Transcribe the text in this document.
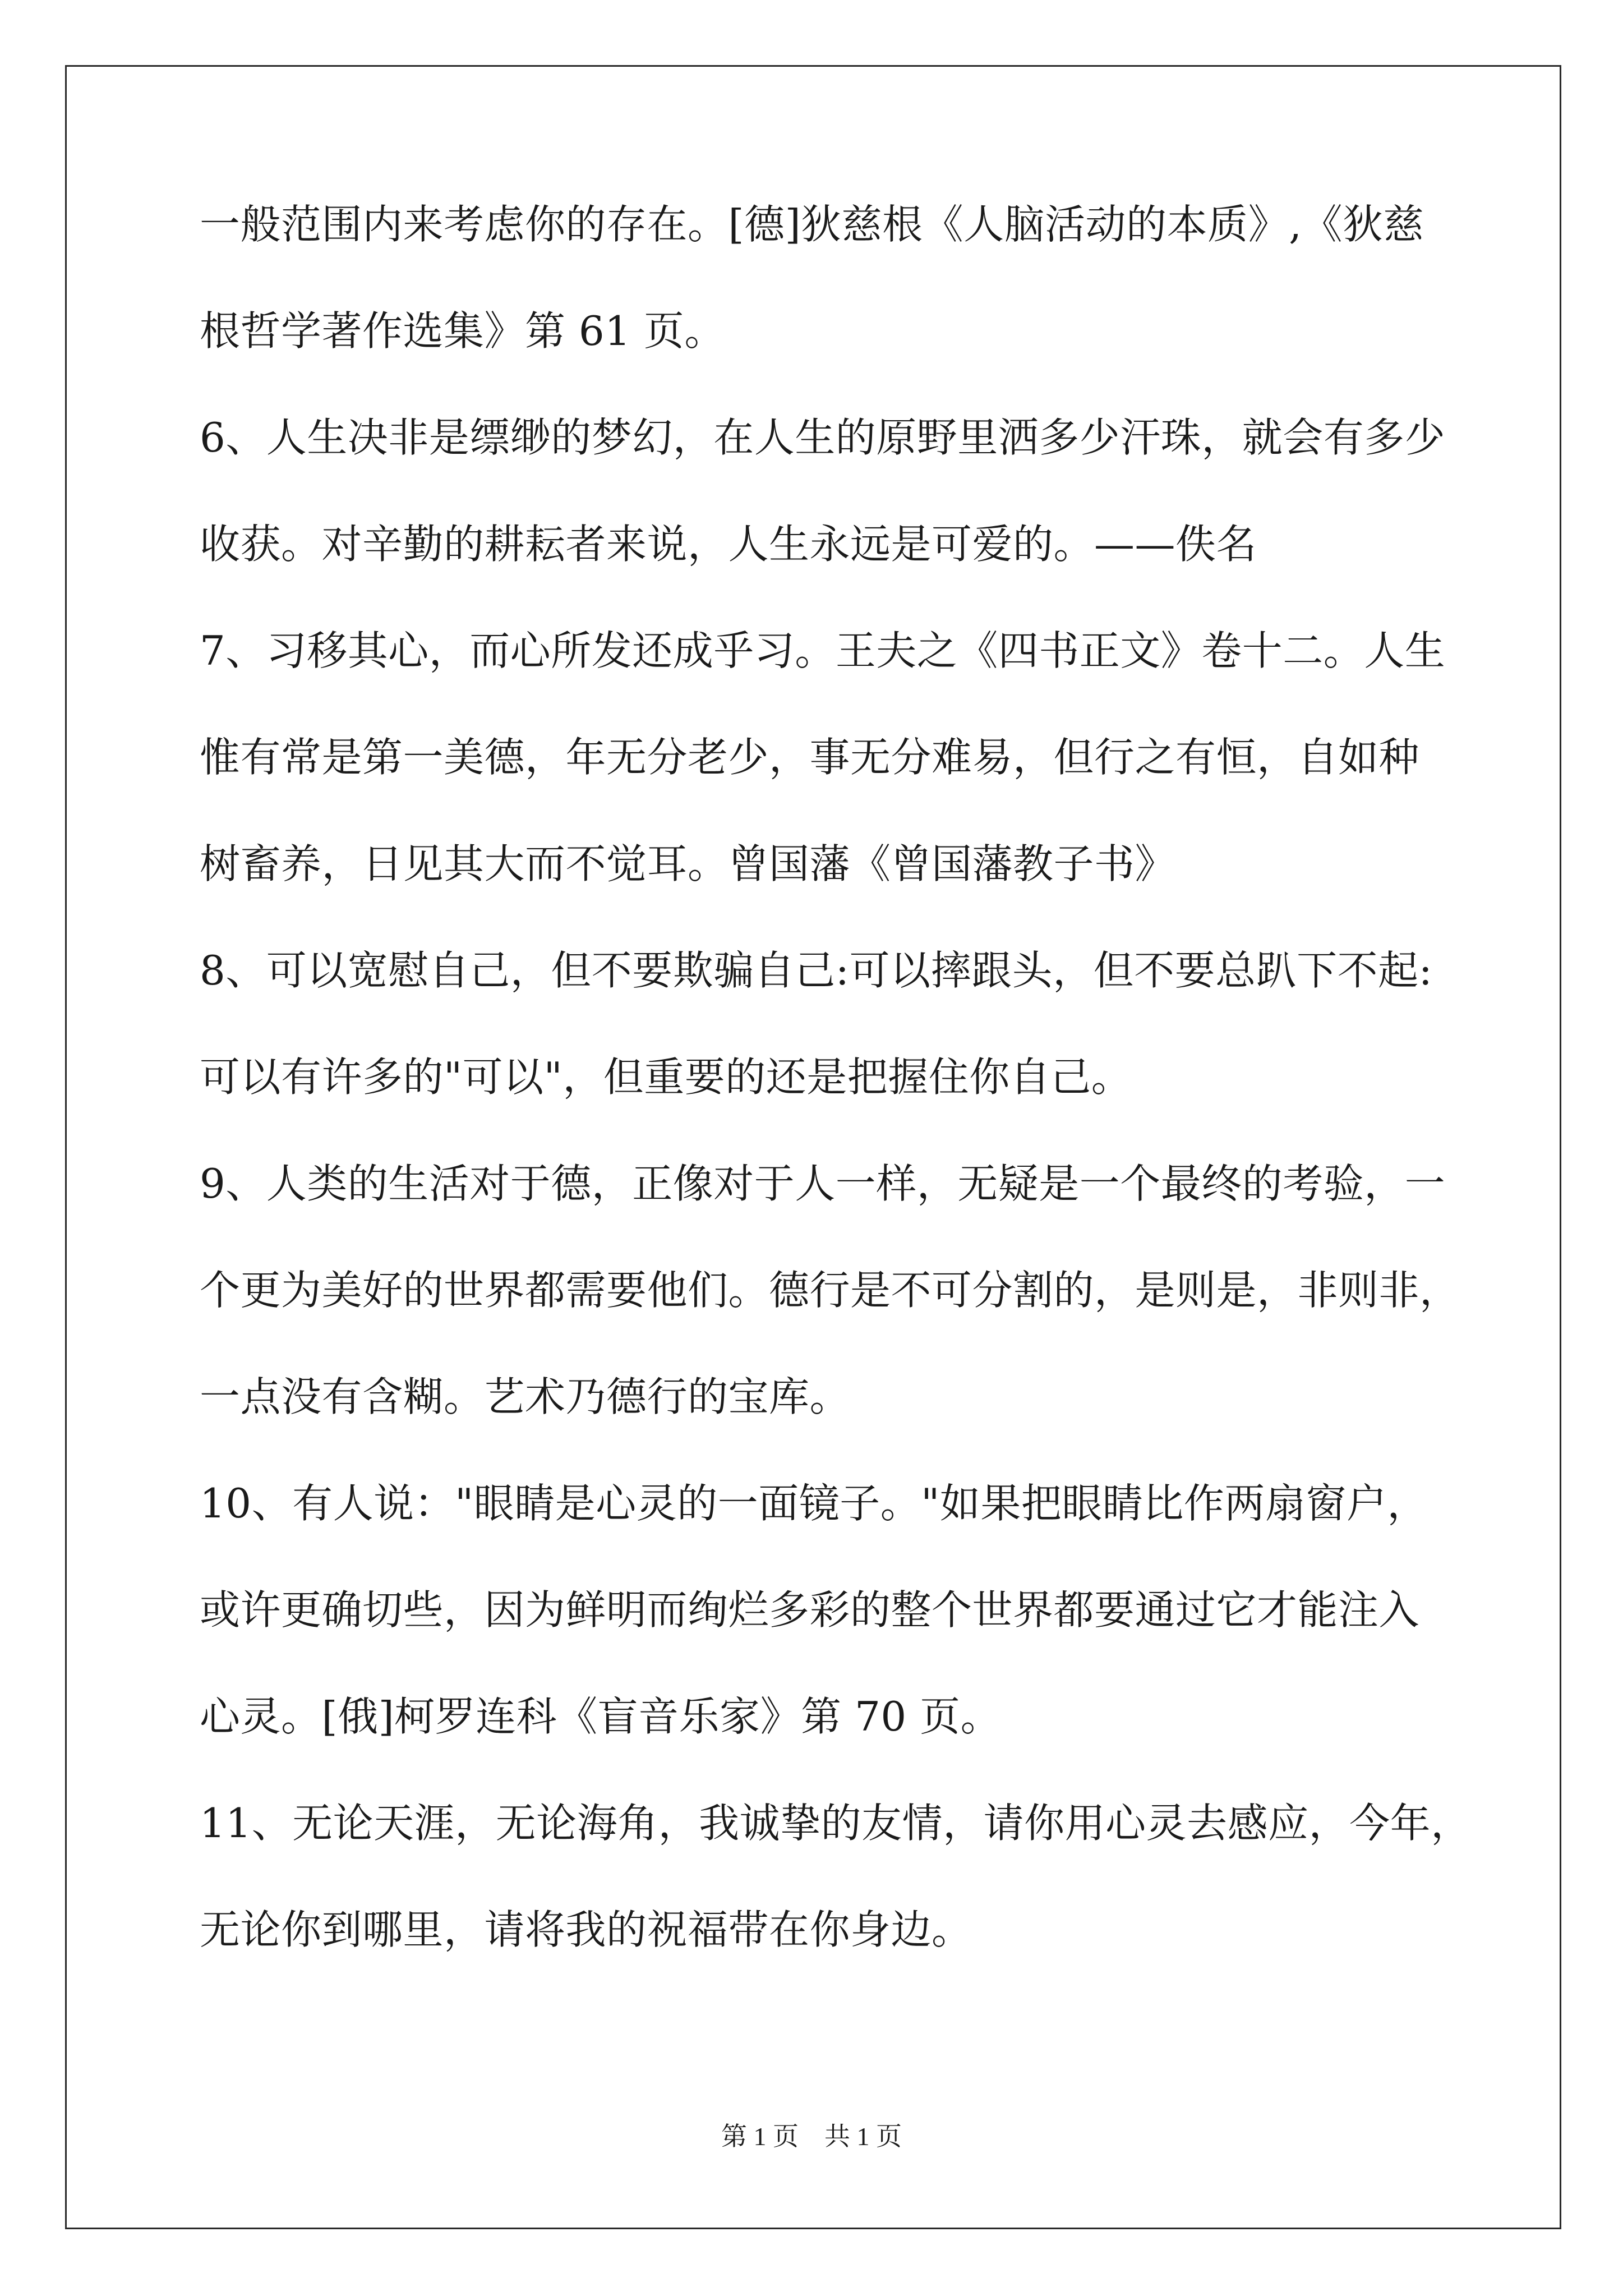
一般范围内来考虑你的存在。[德]狄慈根《人脑活动的本质》,《狄慈
根哲学著作选集》第 61 页。
6、人生决非是缥缈的梦幻，在人生的原野里洒多少汗珠，就会有多少
收获。对辛勤的耕耘者来说，人生永远是可爱的。——佚名
7、习移其心，而心所发还成乎习。王夫之《四书正文》卷十二。人生
惟有常是第一美德，年无分老少，事无分难易，但行之有恒，自如种
树畜养，日见其大而不觉耳。曾国藩《曾国藩教子书》
8、可以宽慰自己，但不要欺骗自己:可以摔跟头，但不要总趴下不起:
可以有许多的"可以"，但重要的还是把握住你自己。
9、人类的生活对于德，正像对于人一样，无疑是一个最终的考验，一
个更为美好的世界都需要他们。德行是不可分割的，是则是，非则非，
一点没有含糊。艺术乃德行的宝库。
10、有人说："眼睛是心灵的一面镜子。"如果把眼睛比作两扇窗户，
或许更确切些，因为鲜明而绚烂多彩的整个世界都要通过它才能注入
心灵。[俄]柯罗连科《盲音乐家》第 70 页。
11、无论天涯，无论海角，我诚挚的友情，请你用心灵去感应，今年，
无论你到哪里，请将我的祝福带在你身边。
第 1 页　共 1 页
